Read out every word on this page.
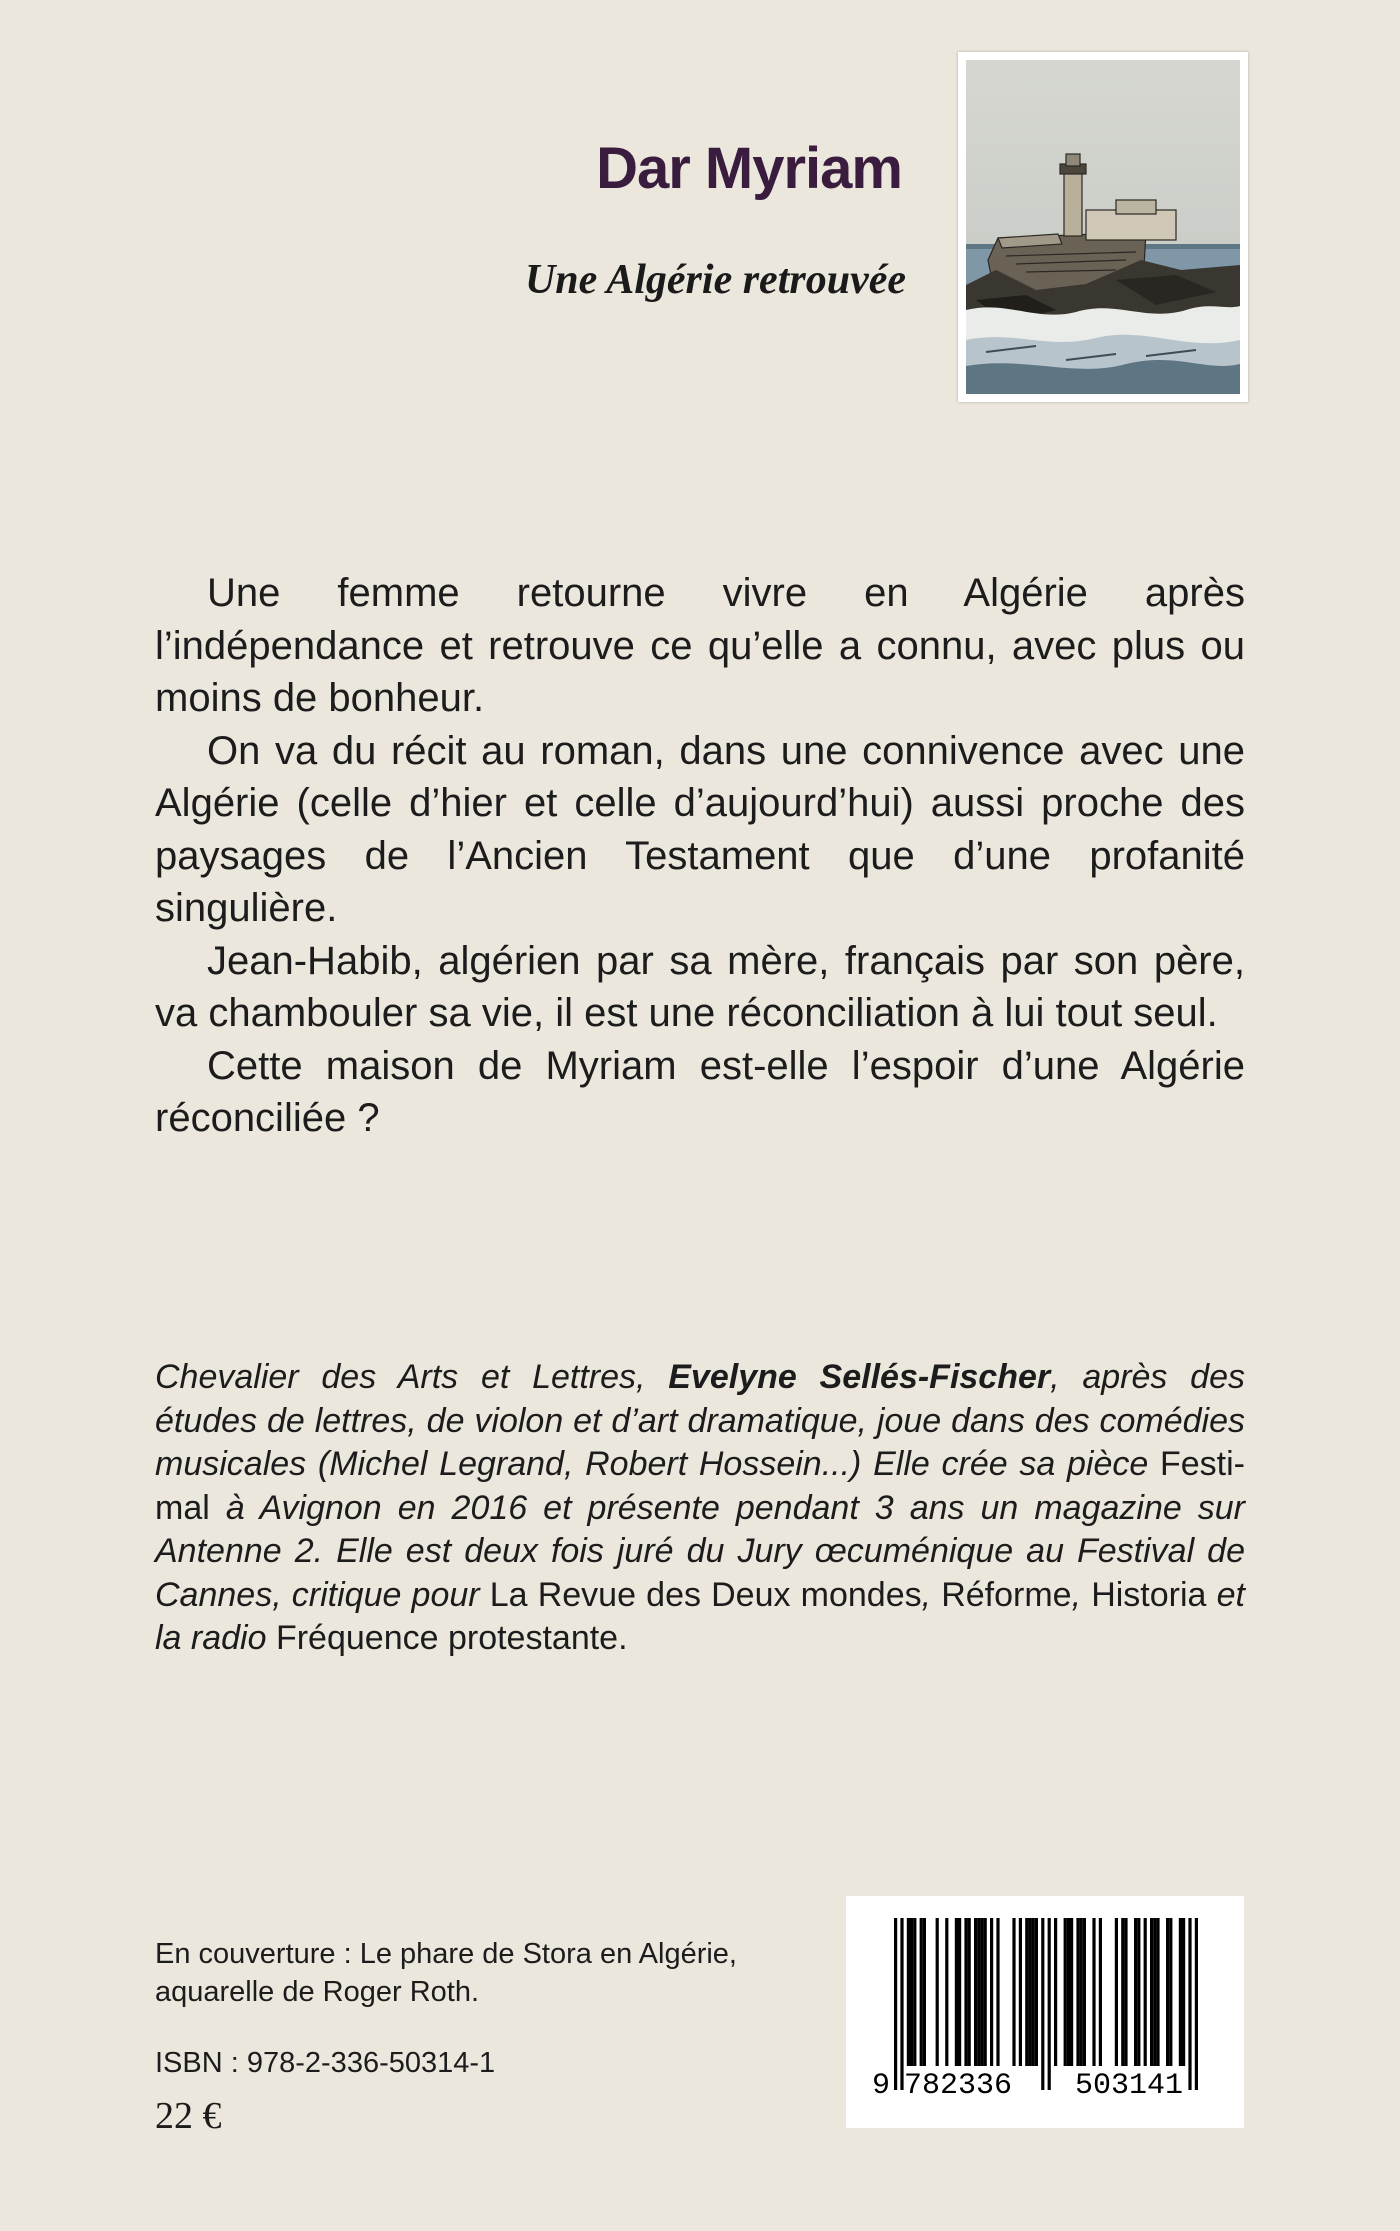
Dar Myriam
Une Algérie retrouvée

Une femme retourne vivre en Algérie après l’indépendance et retrouve ce qu’elle a connu, avec plus ou moins de bonheur.

On va du récit au roman, dans une connivence avec une Algérie (celle d’hier et celle d’aujourd’hui) aussi proche des paysages de l’Ancien Testament que d’une profanité singulière.

Jean-Habib, algérien par sa mère, français par son père, va chambouler sa vie, il est une réconciliation à lui tout seul.

Cette maison de Myriam est-elle l’espoir d’une Algérie réconciliée ?

Chevalier des Arts et Lettres, Evelyne Sellés-Fischer, après des études de lettres, de violon et d’art dramatique, joue dans des comédies musicales (Michel Legrand, Robert Hossein...) Elle crée sa pièce Festi-mal à Avignon en 2016 et présente pendant 3 ans un magazine sur Antenne 2. Elle est deux fois juré du Jury œcuménique au Festival de Cannes, critique pour La Revue des Deux mondes, Réforme, Historia et la radio Fréquence protestante.

En couverture : Le phare de Stora en Algérie,
aquarelle de Roger Roth.

ISBN : 978-2-336-50314-1

22 €

9 782336 503141
